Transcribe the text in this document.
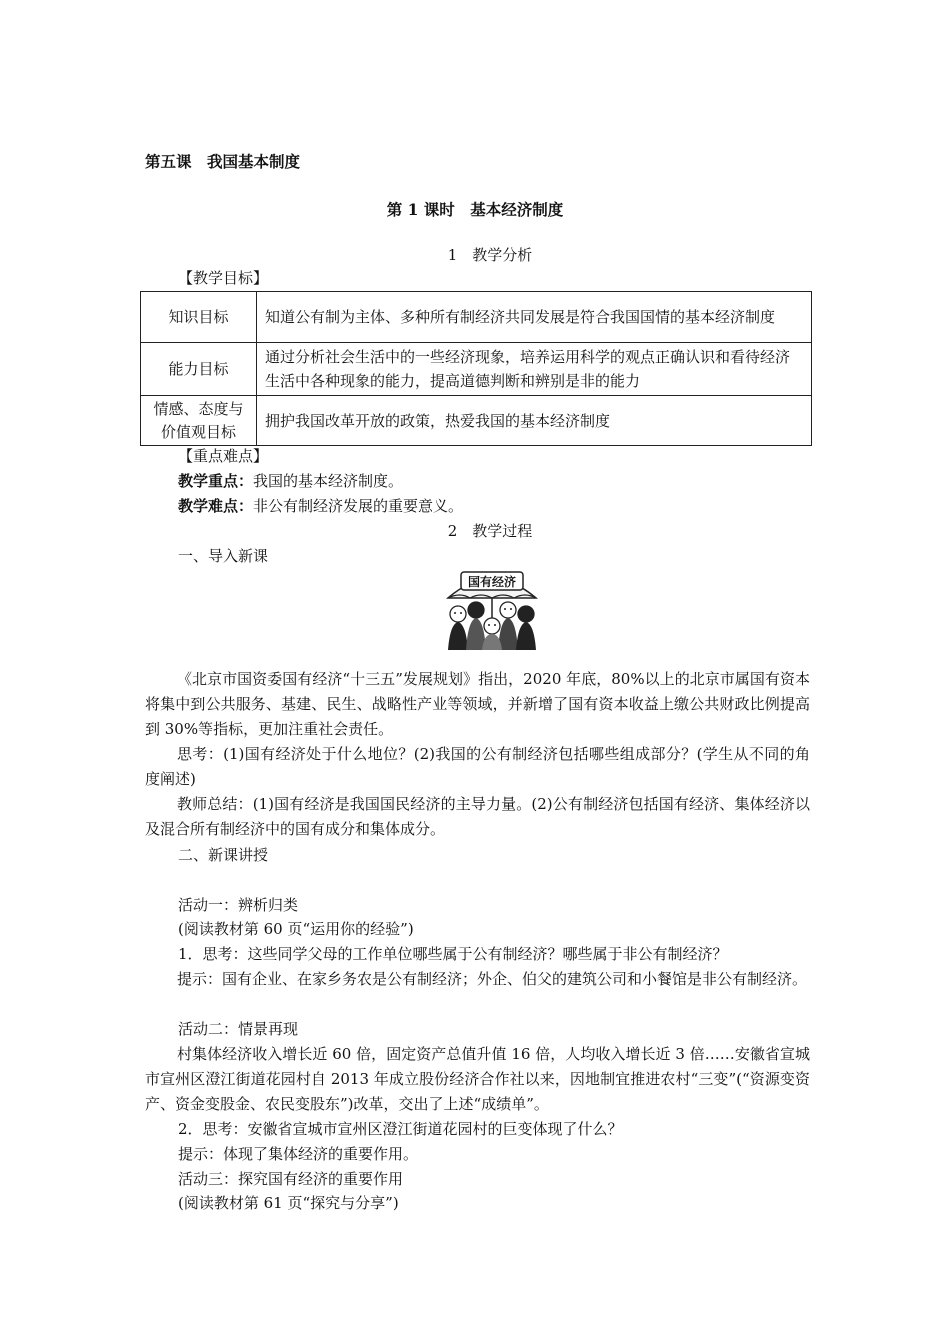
第五课　我国基本制度
第 1 课时　基本经济制度
1　教学分析
【教学目标】
知识目标	知道公有制为主体、多种所有制经济共同发展是符合我国国情的基本经济制度
能力目标	通过分析社会生活中的一些经济现象，培养运用科学的观点正确认识和看待经济生活中各种现象的能力，提高道德判断和辨别是非的能力

情感、态度与
价值观目标	拥护我国改革开放的政策，热爱我国的基本经济制度
【重点难点】
教学重点：我国的基本经济制度。
教学难点：非公有制经济发展的重要意义。
2　教学过程
一、导入新课
国有经济
《北京市国资委国有经济“十三五”发展规划》指出，2020 年底，80%以上的北京市属国有资本将集中到公共服务、基建、民生、战略性产业等领域，并新增了国有资本收益上缴公共财政比例提高到 30%等指标，更加注重社会责任。
思考：(1)国有经济处于什么地位？(2)我国的公有制经济包括哪些组成部分？(学生从不同的角度阐述)
教师总结：(1)国有经济是我国国民经济的主导力量。(2)公有制经济包括国有经济、集体经济以及混合所有制经济中的国有成分和集体成分。
二、新课讲授
活动一：辨析归类
(阅读教材第 60 页“运用你的经验”)
1．思考：这些同学父母的工作单位哪些属于公有制经济？哪些属于非公有制经济？
提示：国有企业、在家乡务农是公有制经济；外企、伯父的建筑公司和小餐馆是非公有制经济。
活动二：情景再现
村集体经济收入增长近 60 倍，固定资产总值升值 16 倍，人均收入增长近 3 倍……安徽省宣城市宣州区澄江街道花园村自 2013 年成立股份经济合作社以来，因地制宜推进农村“三变”(“资源变资产、资金变股金、农民变股东”)改革，交出了上述“成绩单”。
2．思考：安徽省宣城市宣州区澄江街道花园村的巨变体现了什么？
提示：体现了集体经济的重要作用。
活动三：探究国有经济的重要作用
(阅读教材第 61 页“探究与分享”)
